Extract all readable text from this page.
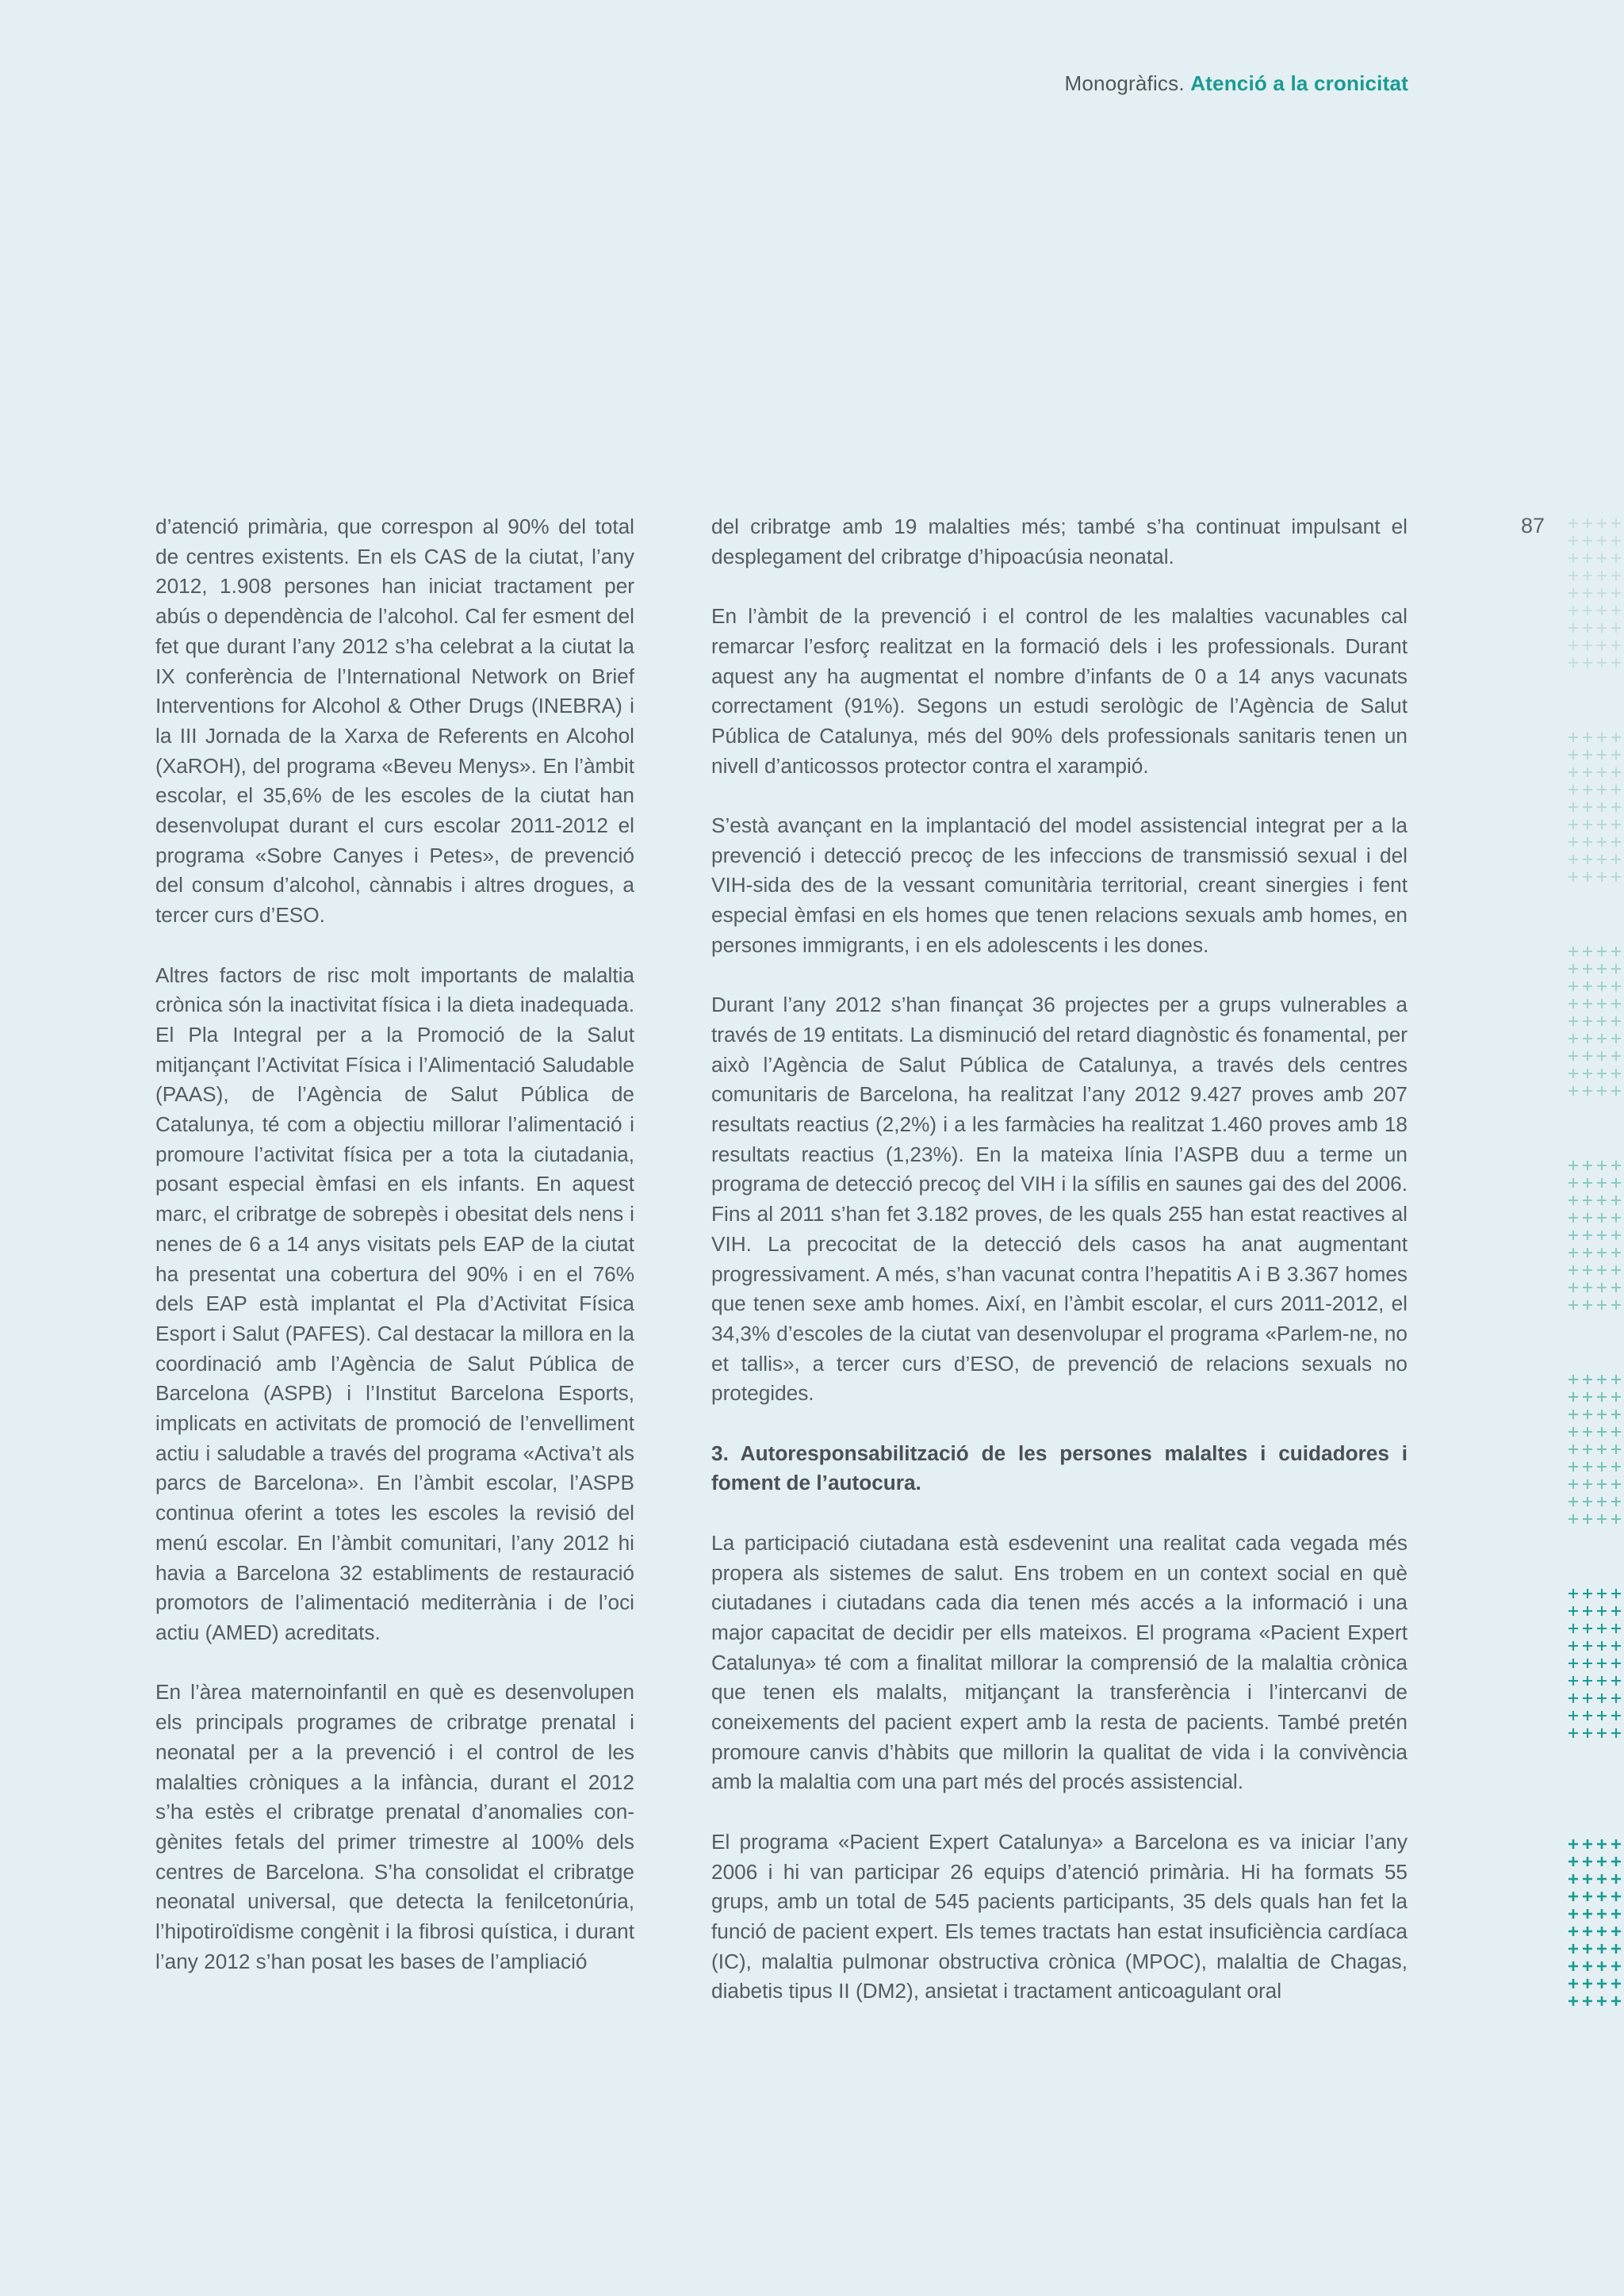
Monogràfics. Atenció a la cronicitat
87

d’atenció primària, que correspon al 90% del total de centres existents. En els CAS de la ciutat, l’any 2012, 1.908 persones han iniciat tractament per abús o dependència de l’alcohol. Cal fer esment del fet que durant l’any 2012 s’ha celebrat a la ciutat la IX conferència de l’International Network on Brief Interventions for Alcohol & Other Drugs (INEBRA) i la III Jornada de la Xarxa de Referents en Alcohol (XaROH), del programa «Beveu Menys». En l’àmbit escolar, el 35,6% de les escoles de la ciutat han desenvolupat durant el curs escolar 2011-2012 el programa «Sobre Canyes i Petes», de prevenció del consum d’alcohol, cànnabis i altres drogues, a tercer curs d’ESO.

Altres factors de risc molt importants de malaltia crònica són la inactivitat física i la dieta inadequada. El Pla Integral per a la Promoció de la Salut mitjançant l’Activitat Física i l’Alimentació Saludable (PAAS), de l’Agència de Salut Pública de Catalunya, té com a objectiu millorar l’alimentació i promoure l’activitat física per a tota la ciutadania, posant especial èmfasi en els infants. En aquest marc, el cribratge de sobrepès i obesitat dels nens i nenes de 6 a 14 anys visitats pels EAP de la ciutat ha presentat una cobertura del 90% i en el 76% dels EAP està implantat el Pla d’Activitat Física Esport i Salut (PAFES). Cal destacar la millora en la coordinació amb l’Agència de Salut Pública de Barcelona (ASPB) i l’Institut Barcelona Esports, implicats en activitats de promoció de l’envelliment actiu i saludable a través del programa «Activa’t als parcs de Barcelona». En l’àmbit escolar, l’ASPB continua oferint a totes les escoles la revisió del menú escolar. En l’àmbit comunitari, l’any 2012 hi havia a Barcelona 32 establiments de restauració promotors de l’alimentació mediterrània i de l’oci actiu (AMED) acreditats.

En l’àrea maternoinfantil en què es desenvolupen els principals programes de cribratge prenatal i neonatal per a la prevenció i el control de les malalties cròniques a la infància, durant el 2012 s’ha estès el cribratge prenatal d’anomalies congènites fetals del primer trimestre al 100% dels centres de Barcelona. S’ha consolidat el cribratge neonatal universal, que detecta la fenilcetonúria, l’hipotiroïdisme congènit i la fibrosi quística, i durant l’any 2012 s’han posat les bases de l’ampliació

del cribratge amb 19 malalties més; també s’ha continuat impulsant el desplegament del cribratge d’hipoacúsia neonatal.

En l’àmbit de la prevenció i el control de les malalties vacunables cal remarcar l’esforç realitzat en la formació dels i les professionals. Durant aquest any ha augmentat el nombre d’infants de 0 a 14 anys vacunats correctament (91%). Segons un estudi serològic de l’Agència de Salut Pública de Catalunya, més del 90% dels professionals sanitaris tenen un nivell d’anticossos protector contra el xarampió.

S’està avançant en la implantació del model assistencial integrat per a la prevenció i detecció precoç de les infeccions de transmissió sexual i del VIH-sida des de la vessant comunitària territorial, creant sinergies i fent especial èmfasi en els homes que tenen relacions sexuals amb homes, en persones immigrants, i en els adolescents i les dones.

Durant l’any 2012 s’han finançat 36 projectes per a grups vulnerables a través de 19 entitats. La disminució del retard diagnòstic és fonamental, per això l’Agència de Salut Pública de Catalunya, a través dels centres comunitaris de Barcelona, ha realitzat l’any 2012 9.427 proves amb 207 resultats reactius (2,2%) i a les farmàcies ha realitzat 1.460 proves amb 18 resultats reactius (1,23%). En la mateixa línia l’ASPB duu a terme un programa de detecció precoç del VIH i la sífilis en saunes gai des del 2006. Fins al 2011 s’han fet 3.182 proves, de les quals 255 han estat reactives al VIH. La precocitat de la detecció dels casos ha anat augmentant progressivament. A més, s’han vacunat contra l’hepatitis A i B 3.367 homes que tenen sexe amb homes. Així, en l’àmbit escolar, el curs 2011-2012, el 34,3% d’escoles de la ciutat van desenvolupar el programa «Parlem-ne, no et tallis», a tercer curs d’ESO, de prevenció de relacions sexuals no protegides.

3. Autoresponsabilització de les persones malaltes i cuidadores i foment de l’autocura.

La participació ciutadana està esdevenint una realitat cada vegada més propera als sistemes de salut. Ens trobem en un context social en què ciutadanes i ciutadans cada dia tenen més accés a la informació i una major capacitat de decidir per ells mateixos. El programa «Pacient Expert Catalunya» té com a finalitat millorar la comprensió de la malaltia crònica que tenen els malalts, mitjançant la transferència i l’intercanvi de coneixements del pacient expert amb la resta de pacients. També pretén promoure canvis d’hàbits que millorin la qualitat de vida i la convivència amb la malaltia com una part més del procés assistencial.

El programa «Pacient Expert Catalunya» a Barcelona es va iniciar l’any 2006 i hi van participar 26 equips d’atenció primària. Hi ha formats 55 grups, amb un total de 545 pacients participants, 35 dels quals han fet la funció de pacient expert. Els temes tractats han estat insuficiència cardíaca (IC), malaltia pulmonar obstructiva crònica (MPOC), malaltia de Chagas, diabetis tipus II (DM2), ansietat i tractament anticoagulant oral
